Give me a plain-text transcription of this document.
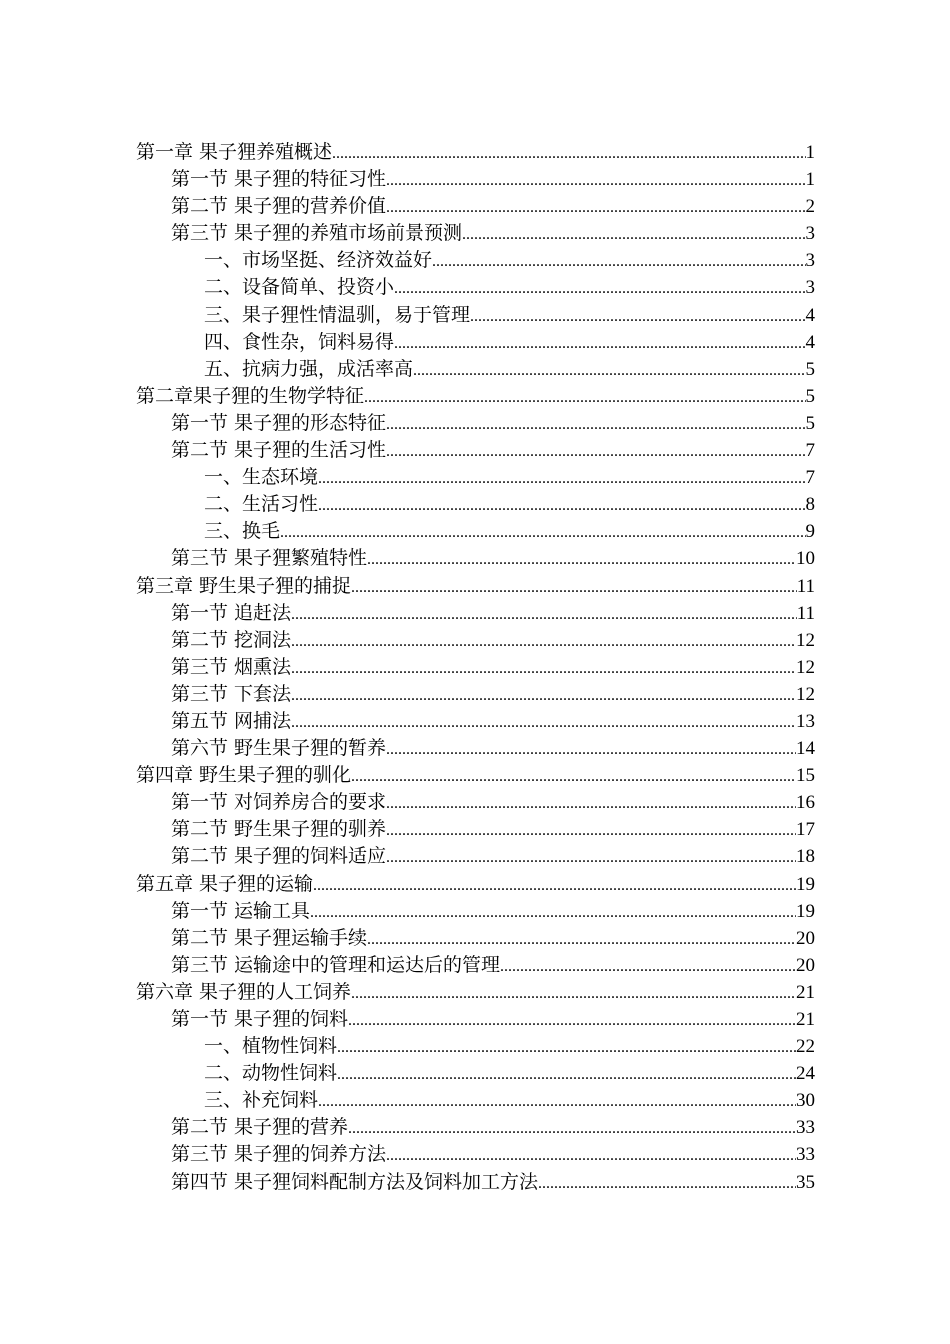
第一章 果子狸养殖概述 .....	1
第一节 果子狸的特征习性 .....	1
第二节 果子狸的营养价值 .....	2
第三节 果子狸的养殖市场前景预测 .....	3
一、市场坚挺、经济效益好 .....	3
二、设备简单、投资小 .....	3
三、果子狸性情温驯，易于管理 .....	4
四、食性杂，饲料易得 .....	4
五、抗病力强，成活率高 .....	5
第二章果子狸的生物学特征 .....	5
第一节 果子狸的形态特征 .....	5
第二节 果子狸的生活习性 .....	7
一、生态环境 .....	7
二、生活习性 .....	8
三、换毛 .....	9
第三节 果子狸繁殖特性 .....	10
第三章 野生果子狸的捕捉 .....	11
第一节 追赶法 .....	11
第二节 挖洞法 .....	12
第三节 烟熏法 .....	12
第三节 下套法 .....	12
第五节 网捕法 .....	13
第六节 野生果子狸的暂养 .....	14
第四章 野生果子狸的驯化 .....	15
第一节 对饲养房合的要求 .....	16
第二节 野生果子狸的驯养 .....	17
第二节 果子狸的饲料适应 .....	18
第五章 果子狸的运输 .....	19
第一节 运输工具 .....	19
第二节 果子狸运输手续 .....	20
第三节 运输途中的管理和运达后的管理 .....	20
第六章 果子狸的人工饲养 .....	21
第一节 果子狸的饲料 .....	21
一、植物性饲料 .....	22
二、动物性饲料 .....	24
三、补充饲料 .....	30
第二节 果子狸的营养 .....	33
第三节 果子狸的饲养方法 .....	33
第四节 果子狸饲料配制方法及饲料加工方法 .....	35
